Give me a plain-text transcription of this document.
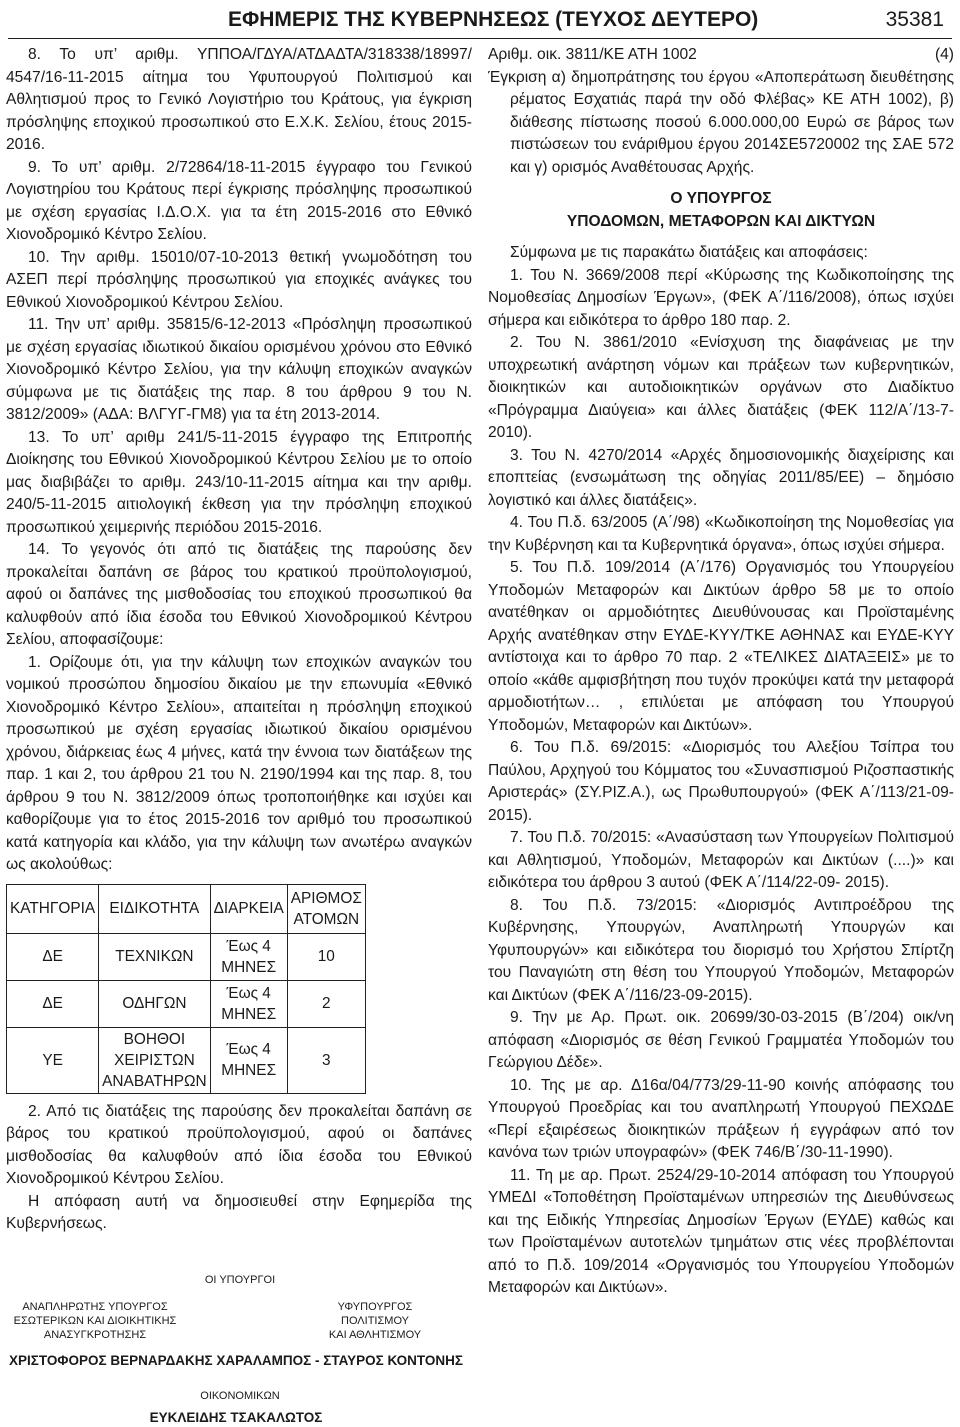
ΕΦΗΜΕΡΙΣ ΤΗΣ ΚΥΒΕΡΝΗΣΕΩΣ (ΤΕΥΧΟΣ ΔΕΥΤΕΡΟ)	35381

8. Το υπ’ αριθμ. ΥΠΠΟΑ/ΓΔΥΑ/ΑΤΔΑΔΤΑ/318338/18997/ 4547/16-11-2015 αίτημα του Υφυπουργού Πολιτισμού και Αθλητισμού προς το Γενικό Λογιστήριο του Κράτους, για έγκριση πρόσληψης εποχικού προσωπικού στο Ε.Χ.Κ. Σελίου, έτους 2015-2016.

9. Το υπ’ αριθμ. 2/72864/18-11-2015 έγγραφο του Γενικού Λογιστηρίου του Κράτους περί έγκρισης πρόσληψης προσωπικού με σχέση εργασίας Ι.Δ.Ο.Χ. για τα έτη 2015-2016 στο Εθνικό Χιονοδρομικό Κέντρο Σελίου.

10. Την αριθμ. 15010/07-10-2013 θετική γνωμοδότηση του ΑΣΕΠ περί πρόσληψης προσωπικού για εποχικές ανάγκες του Εθνικού Χιονοδρομικού Κέντρου Σελίου.

11. Την υπ’ αριθμ. 35815/6-12-2013 «Πρόσληψη προσωπικού με σχέση εργασίας ιδιωτικού δικαίου ορισμένου χρόνου στο Εθνικό Χιονοδρομικό Κέντρο Σελίου, για την κάλυψη εποχικών αναγκών σύμφωνα με τις διατάξεις της παρ. 8 του άρθρου 9 του Ν. 3812/2009» (ΑΔΑ: ΒΛΓΥΓ-ΓΜ8) για τα έτη 2013-2014.

13. Το υπ’ αριθμ 241/5-11-2015 έγγραφο της Επιτροπής Διοίκησης του Εθνικού Χιονοδρομικού Κέντρου Σελίου με το οποίο μας διαβιβάζει το αριθμ. 243/10-11-2015 αίτημα και την αριθμ. 240/5-11-2015 αιτιολογική έκθεση για την πρόσληψη εποχικού προσωπικού χειμερινής περιόδου 2015-2016.

14. Το γεγονός ότι από τις διατάξεις της παρούσης δεν προκαλείται δαπάνη σε βάρος του κρατικού προϋπολογισμού, αφού οι δαπάνες της μισθοδοσίας του εποχικού προσωπικού θα καλυφθούν από ίδια έσοδα του Εθνικού Χιονοδρομικού Κέντρου Σελίου, αποφασίζουμε:

1. Ορίζουμε ότι, για την κάλυψη των εποχικών αναγκών του νομικού προσώπου δημοσίου δικαίου με την επωνυμία «Εθνικό Χιονοδρομικό Κέντρο Σελίου», απαιτείται η πρόσληψη εποχικού προσωπικού με σχέση εργασίας ιδιωτικού δικαίου ορισμένου χρόνου, διάρκειας έως 4 μήνες, κατά την έννοια των διατάξεων της παρ. 1 και 2, του άρθρου 21 του Ν. 2190/1994 και της παρ. 8, του άρθρου 9 του Ν. 3812/2009 όπως τροποποιήθηκε και ισχύει και καθορίζουμε για το έτος 2015-2016 τον αριθμό του προσωπικού κατά κατηγορία και κλάδο, για την κάλυψη των ανωτέρω αναγκών ως ακολούθως:

ΚΑΤΗΓΟΡΙΑ	ΕΙΔΙΚΟΤΗΤΑ	ΔΙΑΡΚΕΙΑ	ΑΡΙΘΜΟΣ ΑΤΟΜΩΝ
ΔΕ	ΤΕΧΝΙΚΩΝ	Έως 4 ΜΗΝΕΣ	10
ΔΕ	ΟΔΗΓΩΝ	Έως 4 ΜΗΝΕΣ	2
ΥΕ	ΒΟΗΘΟΙ ΧΕΙΡΙΣΤΩΝ ΑΝΑΒΑΤΗΡΩΝ	Έως 4 ΜΗΝΕΣ	3

2. Από τις διατάξεις της παρούσης δεν προκαλείται δαπάνη σε βάρος του κρατικού προϋπολογισμού, αφού οι δαπάνες μισθοδοσίας θα καλυφθούν από ίδια έσοδα του Εθνικού Χιονοδρομικού Κέντρου Σελίου.

Η απόφαση αυτή να δημοσιευθεί στην Εφημερίδα της Κυβερνήσεως.

ΟΙ ΥΠΟΥΡΓΟΙ
ΑΝΑΠΛΗΡΩΤΗΣ ΥΠΟΥΡΓΟΣ
ΕΣΩΤΕΡΙΚΩΝ ΚΑΙ ΔΙΟΙΚΗΤΙΚΗΣ
ΑΝΑΣΥΓΚΡΟΤΗΣΗΣ
ΥΦΥΠΟΥΡΓΟΣ
ΠΟΛΙΤΙΣΜΟΥ
ΚΑΙ ΑΘΛΗΤΙΣΜΟΥ
ΧΡΙΣΤΟΦΟΡΟΣ ΒΕΡΝΑΡΔΑΚΗΣ ΧΑΡΑΛΑΜΠΟΣ - ΣΤΑΥΡΟΣ ΚΟΝΤΟΝΗΣ
ΟΙΚΟΝΟΜΙΚΩΝ
ΕΥΚΛΕΙΔΗΣ ΤΣΑΚΑΛΩΤΟΣ
Αριθμ. οικ. 3811/ΚΕ ΑΤΗ 1002	(4)

Έγκριση α) δημοπράτησης του έργου «Αποπεράτωση διευθέτησης ρέματος Εσχατιάς παρά την οδό Φλέβας» ΚΕ ΑΤΗ 1002), β) διάθεσης πίστωσης ποσού 6.000.000,00 Ευρώ σε βάρος των πιστώσεων του ενάριθμου έργου 2014ΣΕ5720002 της ΣΑΕ 572 και γ) ορισμός Αναθέτουσας Αρχής.

Ο ΥΠΟΥΡΓΟΣ

ΥΠΟΔΟΜΩΝ, ΜΕΤΑΦΟΡΩΝ ΚΑΙ ΔΙΚΤΥΩΝ

Σύμφωνα με τις παρακάτω διατάξεις και αποφάσεις:

1. Του Ν. 3669/2008 περί «Κύρωσης της Κωδικοποίησης της Νομοθεσίας Δημοσίων Έργων», (ΦΕΚ Α΄/116/2008), όπως ισχύει σήμερα και ειδικότερα το άρθρο 180 παρ. 2.

2. Του Ν. 3861/2010 «Ενίσχυση της διαφάνειας με την υποχρεωτική ανάρτηση νόμων και πράξεων των κυβερνητικών, διοικητικών και αυτοδιοικητικών οργάνων στο Διαδίκτυο «Πρόγραμμα Διαύγεια» και άλλες διατάξεις (ΦΕΚ 112/Α΄/13-7-2010).

3. Του Ν. 4270/2014 «Αρχές δημοσιονομικής διαχείρισης και εποπτείας (ενσωμάτωση της οδηγίας 2011/85/ΕΕ) – δημόσιο λογιστικό και άλλες διατάξεις».

4. Του Π.δ. 63/2005 (Α΄/98) «Κωδικοποίηση της Νομοθεσίας για την Κυβέρνηση και τα Κυβερνητικά όργανα», όπως ισχύει σήμερα.

5. Του Π.δ. 109/2014 (Α΄/176) Οργανισμός του Υπουργείου Υποδομών Μεταφορών και Δικτύων άρθρο 58 με το οποίο ανατέθηκαν οι αρμοδιότητες Διευθύνουσας και Προϊσταμένης Αρχής ανατέθηκαν στην ΕΥΔΕ-ΚΥΥ/ΤΚΕ ΑΘΗΝΑΣ και ΕΥΔΕ-ΚΥΥ αντίστοιχα και το άρθρο 70 παρ. 2 «ΤΕΛΙΚΕΣ ΔΙΑΤΑΞΕΙΣ» με το οποίο «κάθε αμφισβήτηση που τυχόν προκύψει κατά την μεταφορά αρμοδιοτήτων… , επιλύεται με απόφαση του Υπουργού Υποδομών, Μεταφορών και Δικτύων».

6. Του Π.δ. 69/2015: «Διορισμός του Αλεξίου Τσίπρα του Παύλου, Αρχηγού του Κόμματος του «Συνασπισμού Ριζοσπαστικής Αριστεράς» (ΣΥ.ΡΙΖ.Α.), ως Πρωθυπουργού» (ΦΕΚ Α΄/113/21-09-2015).

7. Του Π.δ. 70/2015: «Ανασύσταση των Υπουργείων Πολιτισμού και Αθλητισμού, Υποδομών, Μεταφορών και Δικτύων (....)» και ειδικότερα του άρθρου 3 αυτού (ΦΕΚ Α΄/114/22-09- 2015).

8. Του Π.δ. 73/2015: «Διορισμός Αντιπροέδρου της Κυβέρνησης, Υπουργών, Αναπληρωτή Υπουργών και Υφυπουργών» και ειδικότερα του διορισμό του Χρήστου Σπίρτζη του Παναγιώτη στη θέση του Υπουργού Υποδομών, Μεταφορών και Δικτύων (ΦΕΚ Α΄/116/23-09-2015).

9. Την με Αρ. Πρωτ. οικ. 20699/30-03-2015 (Β΄/204) οικ/νη απόφαση «Διορισμός σε θέση Γενικού Γραμματέα Υποδομών του Γεώργιου Δέδε».

10. Της με αρ. Δ16α/04/773/29-11-90 κοινής απόφασης του Υπουργού Προεδρίας και του αναπληρωτή Υπουργού ΠΕΧΩΔΕ «Περί εξαιρέσεως διοικητικών πράξεων ή εγγράφων από τον κανόνα των τριών υπογραφών» (ΦΕΚ 746/Β΄/30-11-1990).

11. Τη με αρ. Πρωτ. 2524/29-10-2014 απόφαση του Υπουργού ΥΜΕΔΙ «Τοποθέτηση Προϊσταμένων υπηρεσιών της Διευθύνσεως και της Ειδικής Υπηρεσίας Δημοσίων Έργων (ΕΥΔΕ) καθώς και των Προϊσταμένων αυτοτελών τμημάτων στις νέες προβλέπονται από το Π.δ. 109/2014 «Οργανισμός του Υπουργείου Υποδομών Μεταφορών και Δικτύων».
